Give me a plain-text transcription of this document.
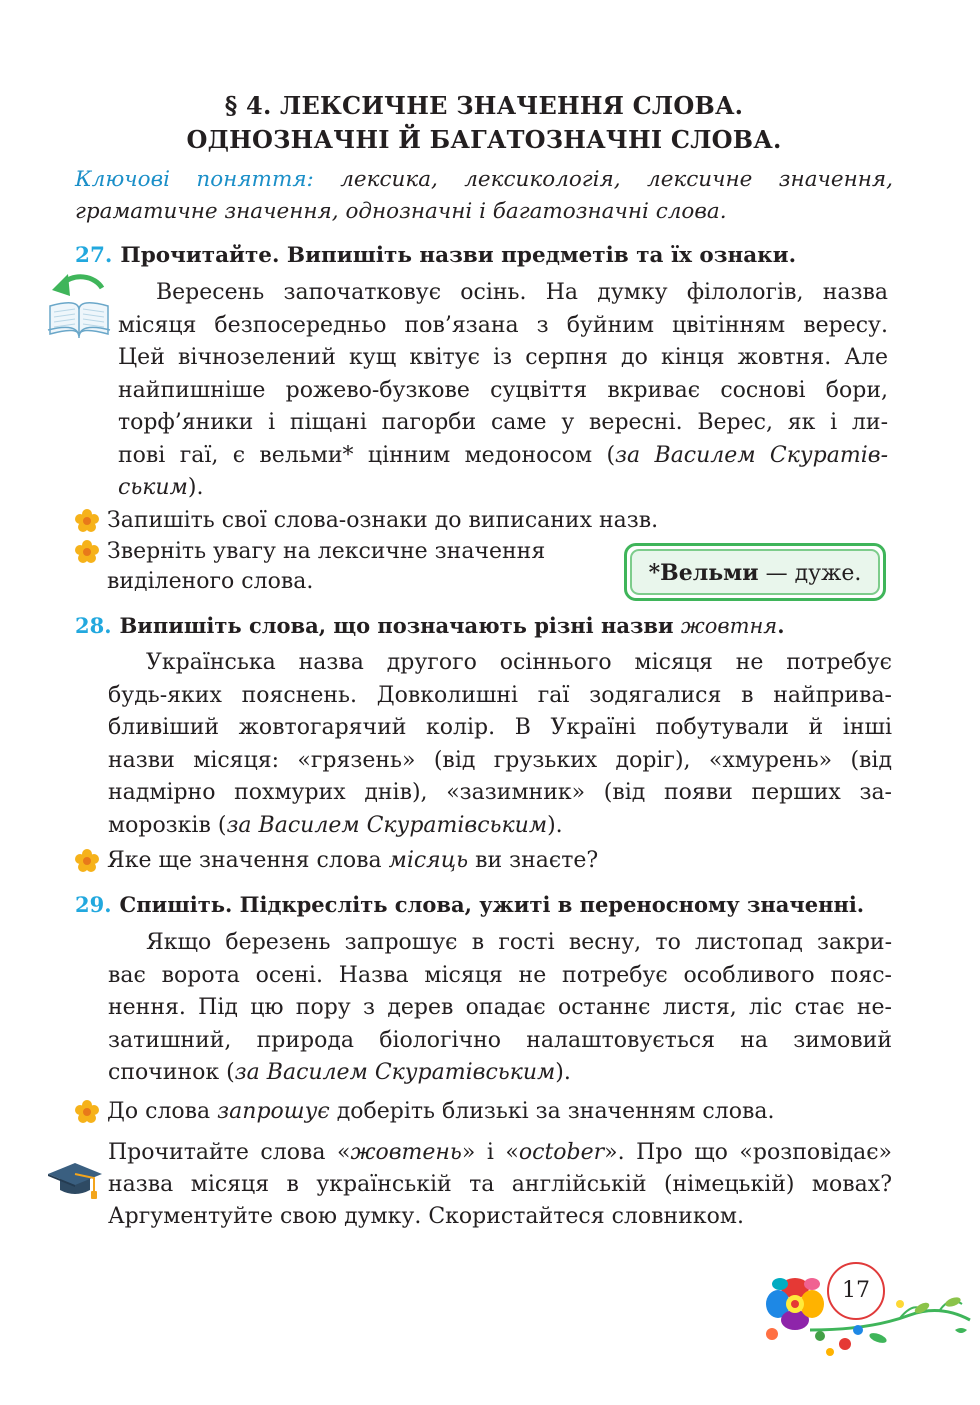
§ 4. ЛЕКСИЧНЕ ЗНАЧЕННЯ СЛОВА.
ОДНОЗНАЧНІ Й БАГАТОЗНАЧНІ СЛОВА.
Ключові поняття: лексика, лексикологія, лексичне значення,
граматичне значення, однозначні і багатозначні слова.
27. Прочитайте. Випишіть назви предметів та їх ознаки.
Вересень започатковує осінь. На думку філологів, назва
місяця безпосередньо пов’язана з буйним цвітінням вересу.
Цей вічнозелений кущ квітує із серпня до кінця жовтня. Але
найпишніше рожево-бузкове суцвіття вкриває соснові бори,
торф’яники і піщані пагорби саме у вересні. Верес, як і ли-
пові гаї, є вельми* цінним медоносом (за Василем Скуратів-
ським).
Запишіть свої слова-ознаки до виписаних назв.
Зверніть увагу на лексичне значення
виділеного слова.	*Вельми — дуже.
28. Випишіть слова, що позначають різні назви жовтня.
Українська назва другого осіннього місяця не потребує
будь-яких пояснень. Довколишні гаї зодягалися в найприва-
бливіший жовтогарячий колір. В Україні побутували й інші
назви місяця: «грязень» (від грузьких доріг), «хмурень» (від
надмірно похмурих днів), «зазимник» (від появи перших за-
морозків (за Василем Скуратівським).
Яке ще значення слова місяць ви знаєте?
29. Спишіть. Підкресліть слова, ужиті в переносному значенні.
Якщо березень запрошує в гості весну, то листопад закри-
ває ворота осені. Назва місяця не потребує особливого пояс-
нення. Під цю пору з дерев опадає останнє листя, ліс стає не-
затишний, природа біологічно налаштовується на зимовий
спочинок (за Василем Скуратівським).
До слова запрошує доберіть близькі за значенням слова.
Прочитайте слова «жовтень» і «october». Про що «розповідає»
назва місяця в українській та англійській (німецькій) мовах?
Аргументуйте свою думку. Скористайтеся словником.
17
